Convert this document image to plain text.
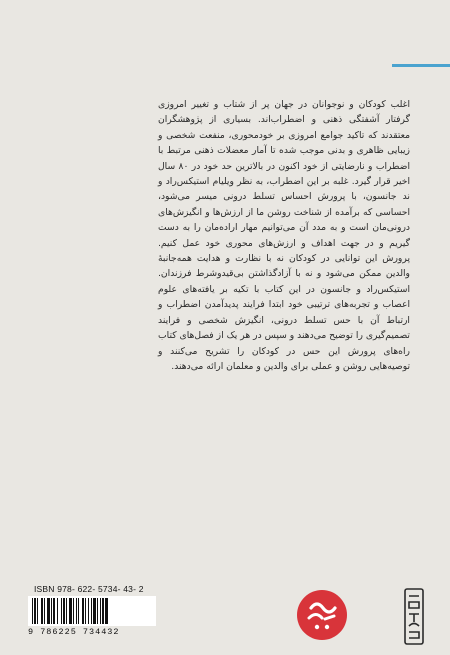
اغلب کودکان و نوجوانان در جهان پر از شتاب و تغییر امروزی گرفتار آشفتگی ذهنی و اضطراب‌اند. بسیاری از پژوهشگران معتقدند که تاکید جوامع امروزی بر خودمحوری، منفعت شخصی و زیبایی ظاهری و بدنی موجب شده تا آمار معضلات ذهنی مرتبط با اضطراب و نارضایتی از خود اکنون در بالاترین حد خود در ۸۰ سال اخیر قرار گیرد. غلبه بر این اضطراب، به نظر ویلیام استیکس‌راد و ند جانسون، با پرورش احساس تسلط درونی میسر می‌شود، احساسی که برآمده از شناخت روشن ما از ارزش‌ها و انگیزش‌های درونی‌مان است و به مدد آن می‌توانیم مهار اراده‌مان را به دست گیریم و در جهت اهداف و ارزش‌های محوری خود عمل کنیم. پرورش این توانایی در کودکان نه با نظارت و هدایت همه‌جانبهٔ والدین ممکن می‌شود و نه با آزادگذاشتن بی‌قیدوشرط فرزندان. استیکس‌راد و جانسون در این کتاب با تکیه بر یافته‌های علوم اعصاب و تجربه‌های ترتیبی خود ابتدا فرایند پدیدآمدن اضطراب و ارتباط آن با حس تسلط درونی، انگیزش شخصی و فرایند تصمیم‌گیری را توضیح می‌دهند و سپس در هر یک از فصل‌های کتاب راه‌های پرورش این حس در کودکان را تشریح می‌کنند و توصیه‌هایی روشن و عملی برای والدین و معلمان ارائه می‌دهند.

ISBN 978- 622- 5734- 43- 2
9 786225 734432
